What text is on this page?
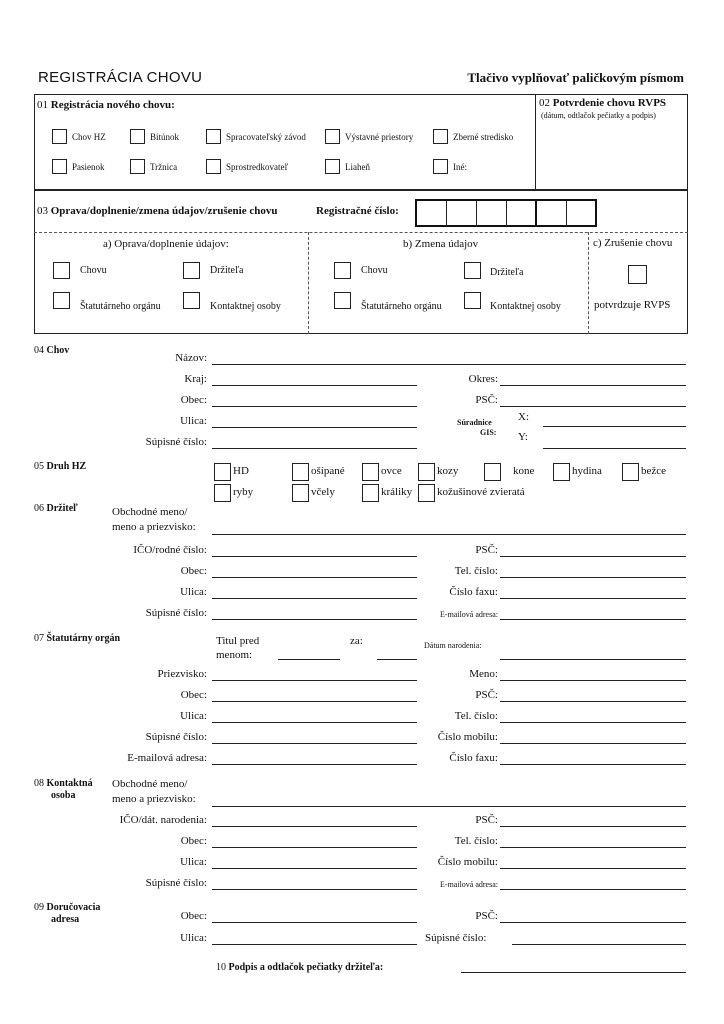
REGISTRÁCIA CHOVU	Tlačivo vyplňovať paličkovým písmom
01 Registrácia nového chovu:
Chov HZ	Bitúnok	Spracovateľský závod	Výstavné priestory	Zberné stredisko
Pasienok	Tržnica	Sprostredkovateľ	Liaheň	Iné:
02 Potvrdenie chovu RVPS
(dátum, odtlačok pečiatky a podpis)
03 Oprava/doplnenie/zmena údajov/zrušenie chovu	Registračné číslo:
a) Oprava/doplnenie údajov:	b) Zmena údajov	c) Zrušenie chovu
Chovu	Držiteľa
Štatutárneho orgánu	Kontaktnej osoby
Chovu	Držiteľa
Štatutárneho orgánu	Kontaktnej osoby	potvrdzuje RVPS
04 Chov
Názov:
Kraj:	Okres:
Obec:	PSČ:
Ulica:	Súradnice
GIS:
X:
Y:
Súpisné číslo:
05 Druh HZ	HD	ošípané	ovce	kozy	kone	hydina	bežce
ryby	včely	králiky kožušinové zvieratá
06 Držiteľ	Obchodné meno/
meno a priezvisko:
IČO/rodné číslo:	PSČ:
Obec:	Tel. číslo:
Ulica:	Číslo faxu:
Súpisné číslo:	E-mailová adresa:
07 Štatutárny orgán	Titul pred
menom:
za:	Dátum narodenia:
Priezvisko:	Meno:
Obec:	PSČ:
Ulica:	Tel. číslo:
Súpisné číslo:	Číslo mobilu:
E-mailová adresa:	Číslo faxu:
08 Kontaktná
osoba
Obchodné meno/
meno a priezvisko:
IČO/dát. narodenia:	PSČ:
Obec:	Tel. číslo:
Ulica:	Číslo mobilu:
Súpisné číslo:	E-mailová adresa:
09 Doručovacia
adresa	Obec:	PSČ:
Ulica:	Súpisné číslo:
10 Podpis a odtlačok pečiatky držiteľa:
